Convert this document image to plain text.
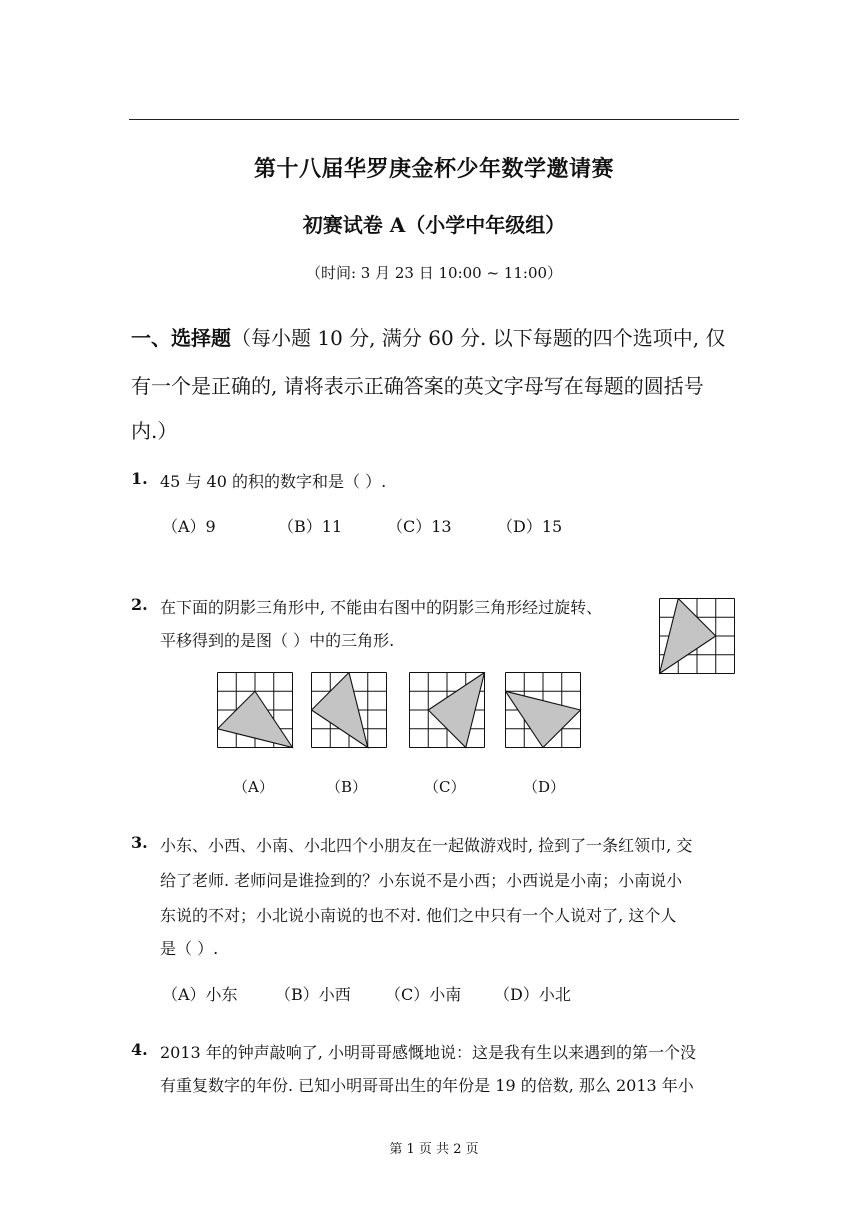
第十八届华罗庚金杯少年数学邀请赛
初赛试卷 A（小学中年级组）
（时间: 3 月 23 日 10:00 ~ 11:00）
一、选择题（每小题 10 分, 满分 60 分. 以下每题的四个选项中, 仅
有一个是正确的, 请将表示正确答案的英文字母写在每题的圆括号
内.）
1. 45 与 40 的积的数字和是（ ）.
（A）9	（B）11	（C）13	（D）15
2. 在下面的阴影三角形中, 不能由右图中的阴影三角形经过旋转、
平移得到的是图（ ）中的三角形.
（A）	（B）	（C）	（D）
3. 小东、小西、小南、小北四个小朋友在一起做游戏时, 捡到了一条红领巾, 交
给了老师. 老师问是谁捡到的？小东说不是小西；小西说是小南；小南说小
东说的不对；小北说小南说的也不对. 他们之中只有一个人说对了, 这个人
是（ ）.
（A）小东 （B）小西 （C）小南 （D）小北
4. 2013 年的钟声敲响了, 小明哥哥感慨地说：这是我有生以来遇到的第一个没
有重复数字的年份. 已知小明哥哥出生的年份是 19 的倍数, 那么 2013 年小
第 1 页 共 2 页
